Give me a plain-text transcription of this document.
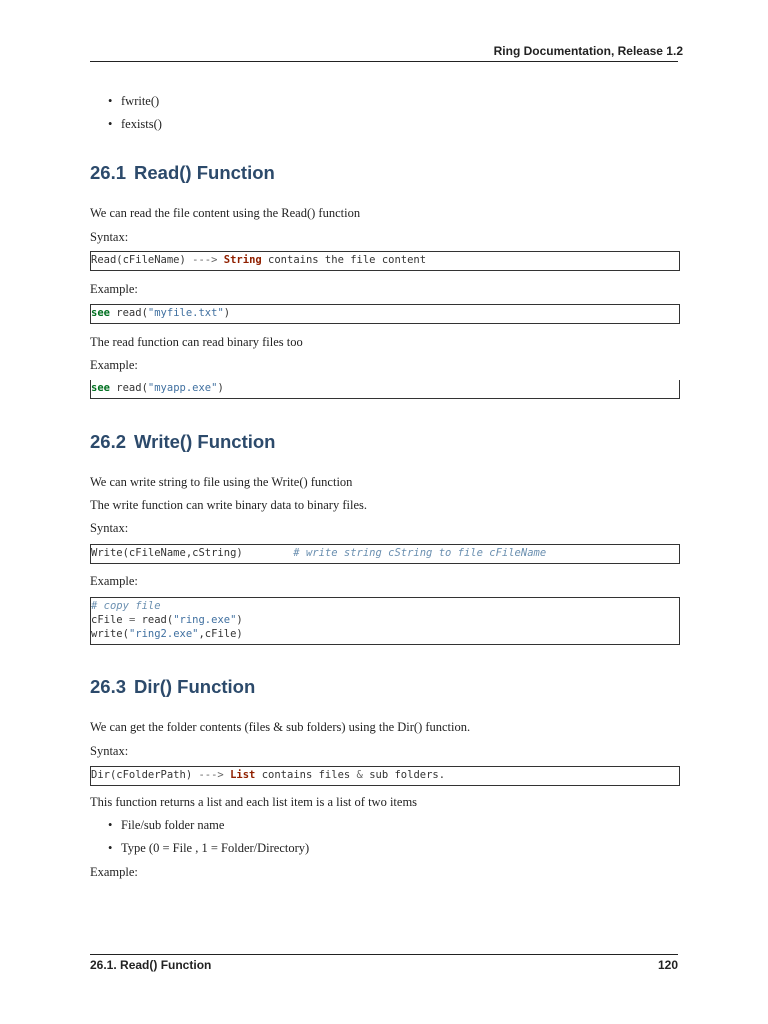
Ring Documentation, Release 1.2
• fwrite()
• fexists()
26.1 Read() Function

We can read the file content using the Read() function

Syntax:

Read(cFileName) ---> String contains the file content

Example:

see read("myfile.txt")

The read function can read binary files too

Example:

see read("myapp.exe")
26.2 Write() Function

We can write string to file using the Write() function

The write function can write binary data to binary files.

Syntax:

Write(cFileName,cString)	# write string cString to file cFileName

Example:

# copy file
cFile = read("ring.exe")
write("ring2.exe",cFile)
26.3 Dir() Function

We can get the folder contents (files & sub folders) using the Dir() function.

Syntax:

Dir(cFolderPath) ---> List contains files & sub folders.

This function returns a list and each list item is a list of two items

• File/sub folder name
• Type (0 = File , 1 = Folder/Directory)

Example:

26.1. Read() Function	120
